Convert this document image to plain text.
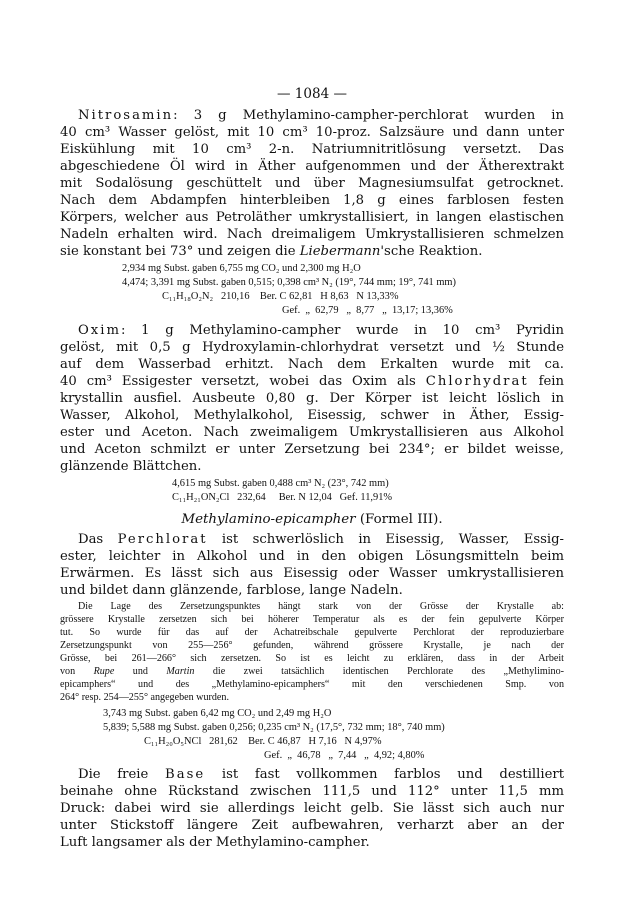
— 1084 —

Nitrosamin: 3 g Methylamino-campher-perchlorat wurden in

40 cm³ Wasser gelöst, mit 10 cm³ 10-proz. Salzsäure und dann unter

Eiskühlung mit 10 cm³ 2-n. Natriumnitritlösung versetzt. Das

abgeschiedene Öl wird in Äther aufgenommen und der Ätherextrakt

mit Sodalösung geschüttelt und über Magnesiumsulfat getrocknet.

Nach dem Abdampfen hinterbleiben 1,8 g eines farblosen festen

Körpers, welcher aus Petroläther umkrystallisiert, in langen elastischen

Nadeln erhalten wird. Nach dreimaligem Umkrystallisieren schmelzen

sie konstant bei 73° und zeigen die Liebermann'sche Reaktion.

2,934 mg Subst. gaben 6,755 mg CO₂ und 2,300 mg H₂O

4,474; 3,391 mg Subst. gaben 0,515; 0,398 cm³ N₂ (19°, 744 mm; 19°, 741 mm)

C₁₁H₁₈O₂N₂   210,16    Ber. C 62,81   H 8,63   N 13,33%

Gef.  „  62,79   „  8,77   „  13,17; 13,36%

Oxim: 1 g Methylamino-campher wurde in 10 cm³ Pyridin

gelöst, mit 0,5 g Hydroxylamin-chlorhydrat versetzt und ½ Stunde

auf dem Wasserbad erhitzt. Nach dem Erkalten wurde mit ca.

40 cm³ Essigester versetzt, wobei das Oxim als Chlorhydrat fein

krystallin ausfiel. Ausbeute 0,80 g. Der Körper ist leicht löslich in

Wasser, Alkohol, Methylalkohol, Eisessig, schwer in Äther, Essig-

ester und Aceton. Nach zweimaligem Umkrystallisieren aus Alkohol

und Aceton schmilzt er unter Zersetzung bei 234°; er bildet weisse,

glänzende Blättchen.

4,615 mg Subst. gaben 0,488 cm³ N₂ (23°, 742 mm)

C₁₁H₂₁ON₂Cl   232,64     Ber. N 12,04   Gef. 11,91%

Methylamino-epicampher (Formel III).

Das Perchlorat ist schwerlöslich in Eisessig, Wasser, Essig-

ester, leichter in Alkohol und in den obigen Lösungsmitteln beim

Erwärmen. Es lässt sich aus Eisessig oder Wasser umkrystallisieren

und bildet dann glänzende, farblose, lange Nadeln.

Die Lage des Zersetzungspunktes hängt stark von der Grösse der Krystalle ab:

grössere Krystalle zersetzen sich bei höherer Temperatur als es der fein gepulverte Körper

tut. So wurde für das auf der Achatreibschale gepulverte Perchlorat der reproduzierbare

Zersetzungspunkt von 255—256° gefunden, während grössere Krystalle, je nach der

Grösse, bei 261—266° sich zersetzen. So ist es leicht zu erklären, dass in der Arbeit

von Rupe und Martin die zwei tatsächlich identischen Perchlorate des „Methylimino-

epicamphers“ und des „Methylamino-epicamphers“ mit den verschiedenen Smp. von

264° resp. 254—255° angegeben wurden.

3,743 mg Subst. gaben 6,42 mg CO₂ und 2,49 mg H₂O

5,839; 5,588 mg Subst. gaben 0,256; 0,235 cm³ N₂ (17,5°, 732 mm; 18°, 740 mm)

C₁₁H₂₀O₅NCl   281,62    Ber. C 46,87   H 7,16   N 4,97%

Gef.  „  46,78   „  7,44   „  4,92; 4,80%

Die freie Base ist fast vollkommen farblos und destilliert

beinahe ohne Rückstand zwischen 111,5 und 112° unter 11,5 mm

Druck: dabei wird sie allerdings leicht gelb. Sie lässt sich auch nur

unter Stickstoff längere Zeit aufbewahren, verharzt aber an der

Luft langsamer als der Methylamino-campher.
